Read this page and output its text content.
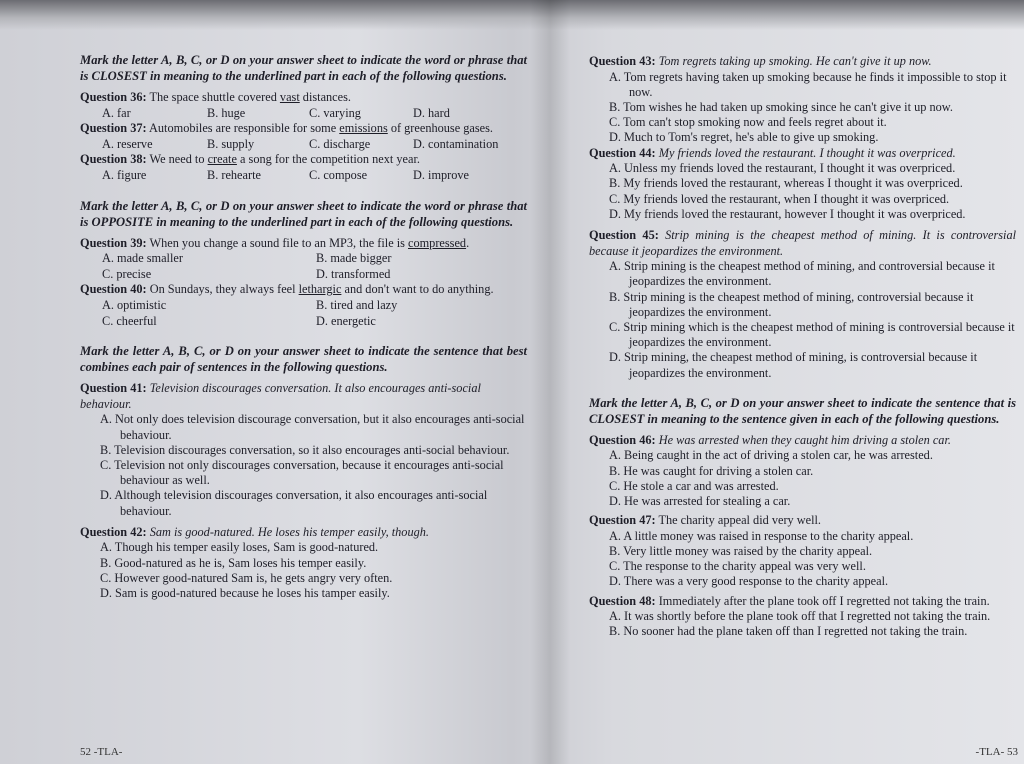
Mark the letter A, B, C, or D on your answer sheet to indicate the word or phrase that is CLOSEST in meaning to the underlined part in each of the following questions.

Question 36: The space shuttle covered vast distances.

A. far	B. huge	C. varying	D. hard

Question 37: Automobiles are responsible for some emissions of greenhouse gases.

A. reserve	B. supply	C. discharge	D. contamination

Question 38: We need to create a song for the competition next year.

A. figure	B. rehearte	C. compose	D. improve

Mark the letter A, B, C, or D on your answer sheet to indicate the word or phrase that is OPPOSITE in meaning to the underlined part in each of the following questions.

Question 39: When you change a sound file to an MP3, the file is compressed.

A. made smaller	B. made bigger
C. precise	D. transformed

Question 40: On Sundays, they always feel lethargic and don't want to do anything.

A. optimistic	B. tired and lazy
C. cheerful	D. energetic

Mark the letter A, B, C, or D on your answer sheet to indicate the sentence that best combines each pair of sentences in the following questions.

Question 41: Television discourages conversation. It also encourages anti-social behaviour.

A. Not only does television discourage conversation, but it also encourages anti-social behaviour.
B. Television discourages conversation, so it also encourages anti-social behaviour.
C. Television not only discourages conversation, because it encourages anti-social behaviour as well.
D. Although television discourages conversation, it also encourages anti-social behaviour.

Question 42: Sam is good-natured. He loses his temper easily, though.

A. Though his temper easily loses, Sam is good-natured.
B. Good-natured as he is, Sam loses his temper easily.
C. However good-natured Sam is, he gets angry very often.
D. Sam is good-natured because he loses his tamper easily.
52 -TLA-

Question 43: Tom regrets taking up smoking. He can't give it up now.

A. Tom regrets having taken up smoking because he finds it impossible to stop it now.
B. Tom wishes he had taken up smoking since he can't give it up now.
C. Tom can't stop smoking now and feels regret about it.
D. Much to Tom's regret, he's able to give up smoking.

Question 44: My friends loved the restaurant. I thought it was overpriced.

A. Unless my friends loved the restaurant, I thought it was overpriced.
B. My friends loved the restaurant, whereas I thought it was overpriced.
C. My friends loved the restaurant, when I thought it was overpriced.
D. My friends loved the restaurant, however I thought it was overpriced.

Question 45: Strip mining is the cheapest method of mining. It is controversial because it jeopardizes the environment.

A. Strip mining is the cheapest method of mining, and controversial because it jeopardizes the environment.
B. Strip mining is the cheapest method of mining, controversial because it jeopardizes the environment.
C. Strip mining which is the cheapest method of mining is controversial because it jeopardizes the environment.
D. Strip mining, the cheapest method of mining, is controversial because it jeopardizes the environment.

Mark the letter A, B, C, or D on your answer sheet to indicate the sentence that is CLOSEST in meaning to the sentence given in each of the following questions.

Question 46: He was arrested when they caught him driving a stolen car.

A. Being caught in the act of driving a stolen car, he was arrested.
B. He was caught for driving a stolen car.
C. He stole a car and was arrested.
D. He was arrested for stealing a car.

Question 47: The charity appeal did very well.

A. A little money was raised in response to the charity appeal.
B. Very little money was raised by the charity appeal.
C. The response to the charity appeal was very well.
D. There was a very good response to the charity appeal.

Question 48: Immediately after the plane took off I regretted not taking the train.

A. It was shortly before the plane took off that I regretted not taking the train.
B. No sooner had the plane taken off than I regretted not taking the train.
-TLA- 53
